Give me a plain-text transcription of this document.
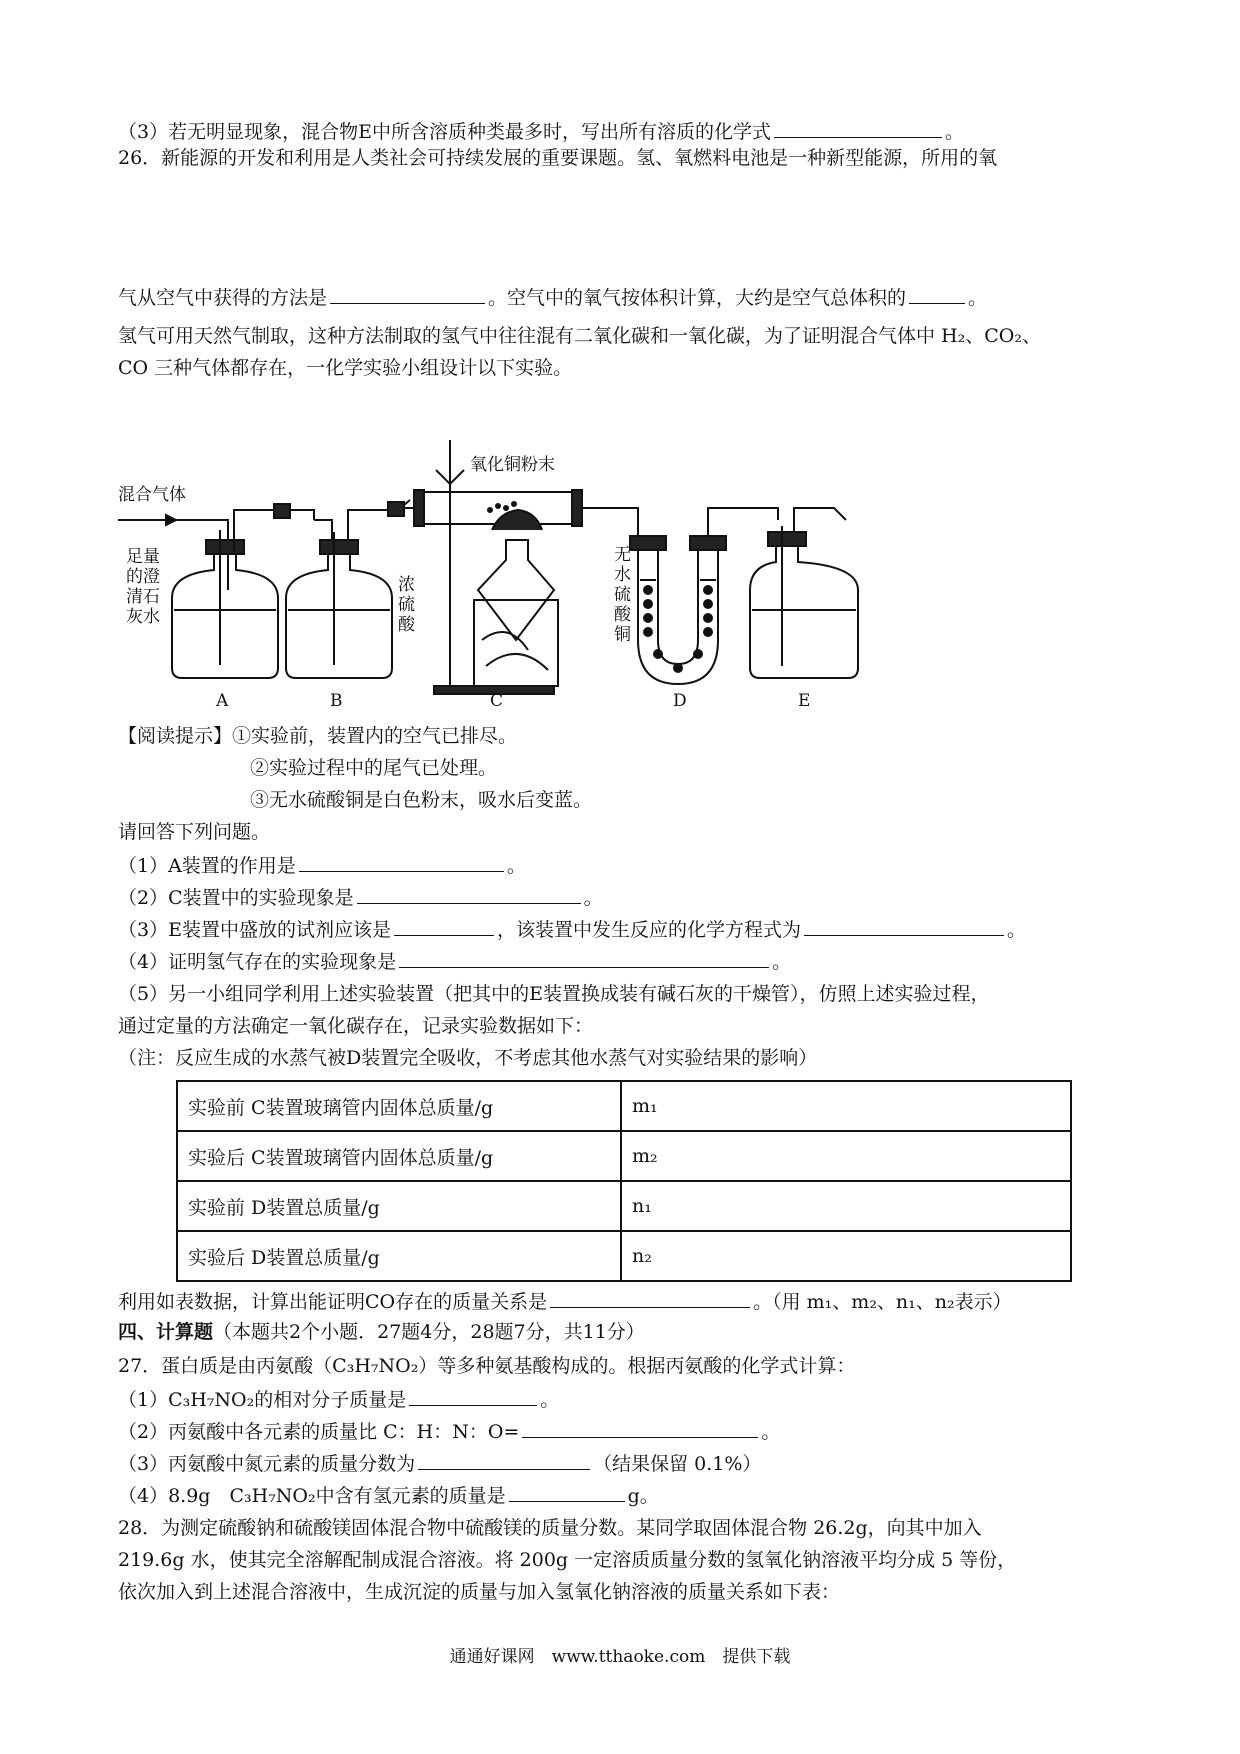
（3）若无明显现象，混合物E中所含溶质种类最多时，写出所有溶质的化学式	。
26．新能源的开发和利用是人类社会可持续发展的重要课题。氢、氧燃料电池是一种新型能源，所用的氧
气从空气中获得的方法是	。空气中的氧气按体积计算，大约是空气总体积的	。
氢气可用天然气制取，这种方法制取的氢气中往往混有二氧化碳和一氧化碳，为了证明混合气体中 H₂、CO₂、
CO 三种气体都存在，一化学实验小组设计以下实验。
混合气体
足量
的澄
清石
灰水
浓
硫
酸
氧化铜粉末
无
水
硫
酸
铜
A	B	C	D	E
【阅读提示】①实验前，装置内的空气已排尽。
②实验过程中的尾气已处理。
③无水硫酸铜是白色粉末，吸水后变蓝。
请回答下列问题。
（1）A装置的作用是	。
（2）C装置中的实验现象是	。
（3）E装置中盛放的试剂应该是	，该装置中发生反应的化学方程式为	。
（4）证明氢气存在的实验现象是	。
（5）另一小组同学利用上述实验装置（把其中的E装置换成装有碱石灰的干燥管），仿照上述实验过程，
通过定量的方法确定一氧化碳存在，记录实验数据如下：
（注：反应生成的水蒸气被D装置完全吸收，不考虑其他水蒸气对实验结果的影响）
实验前 C装置玻璃管内固体总质量/g	m₁
实验后 C装置玻璃管内固体总质量/g	m₂
实验前 D装置总质量/g	n₁
实验后 D装置总质量/g	n₂
利用如表数据，计算出能证明CO存在的质量关系是	。（用 m₁、m₂、n₁、n₂表示）
四、计算题（本题共2个小题．27题4分，28题7分，共11分）
27．蛋白质是由丙氨酸（C₃H₇NO₂）等多种氨基酸构成的。根据丙氨酸的化学式计算：
（1）C₃H₇NO₂的相对分子质量是	。
（2）丙氨酸中各元素的质量比 C：H：N：O=	。
（3）丙氨酸中氮元素的质量分数为	（结果保留 0.1%）
（4）8.9g　C₃H₇NO₂中含有氢元素的质量是	g。
28．为测定硫酸钠和硫酸镁固体混合物中硫酸镁的质量分数。某同学取固体混合物 26.2g，向其中加入
219.6g 水，使其完全溶解配制成混合溶液。将 200g 一定溶质质量分数的氢氧化钠溶液平均分成 5 等份，
依次加入到上述混合溶液中，生成沉淀的质量与加入氢氧化钠溶液的质量关系如下表：
通通好课网　www.tthaoke.com　提供下载
